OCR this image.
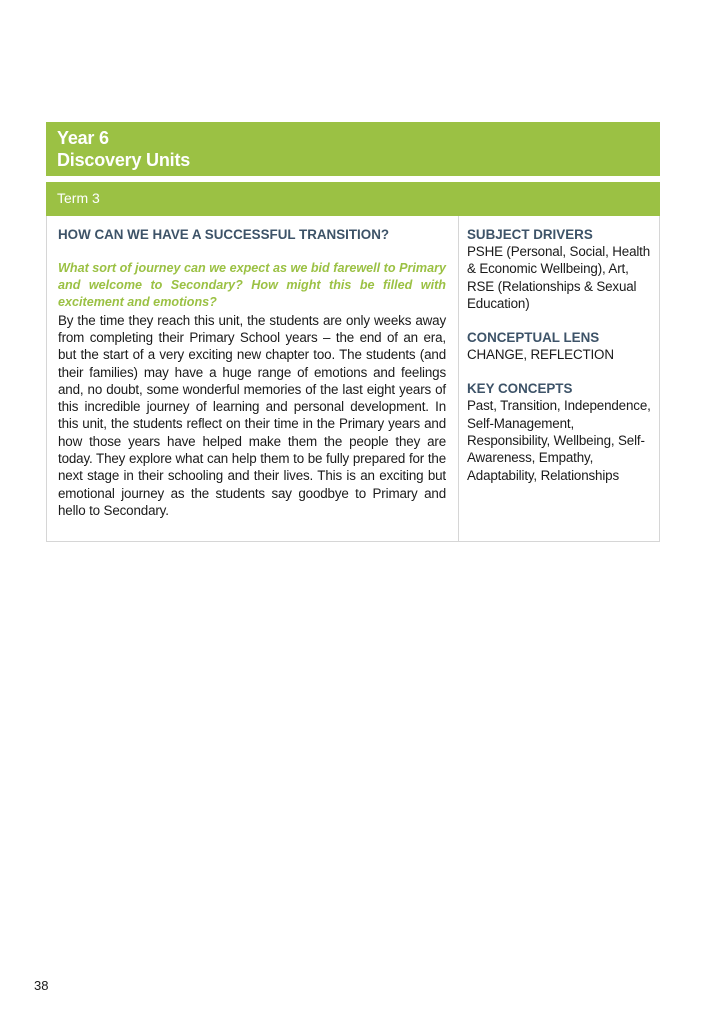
Year 6
Discovery Units
Term 3

HOW CAN WE HAVE A SUCCESSFUL TRANSITION?

What sort of journey can we expect as we bid farewell to Primary and welcome to Secondary? How might this be filled with excitement and emotions?

By the time they reach this unit, the students are only weeks away from completing their Primary School years – the end of an era, but the start of a very exciting new chapter too. The students (and their families) may have a huge range of emotions and feelings and, no doubt, some wonderful memories of the last eight years of this incredible journey of learning and personal development. In this unit, the students reflect on their time in the Primary years and how those years have helped make them the people they are today. They explore what can help them to be fully prepared for the next stage in their schooling and their lives. This is an exciting but emotional journey as the students say goodbye to Primary and hello to Secondary.

SUBJECT DRIVERS

PSHE (Personal, Social, Health & Economic Wellbeing), Art, RSE (Relationships & Sexual Education)

CONCEPTUAL LENS

CHANGE, REFLECTION

KEY CONCEPTS

Past, Transition, Independence, Self-Management, Responsibility, Wellbeing, Self-Awareness, Empathy, Adaptability, Relationships

38
